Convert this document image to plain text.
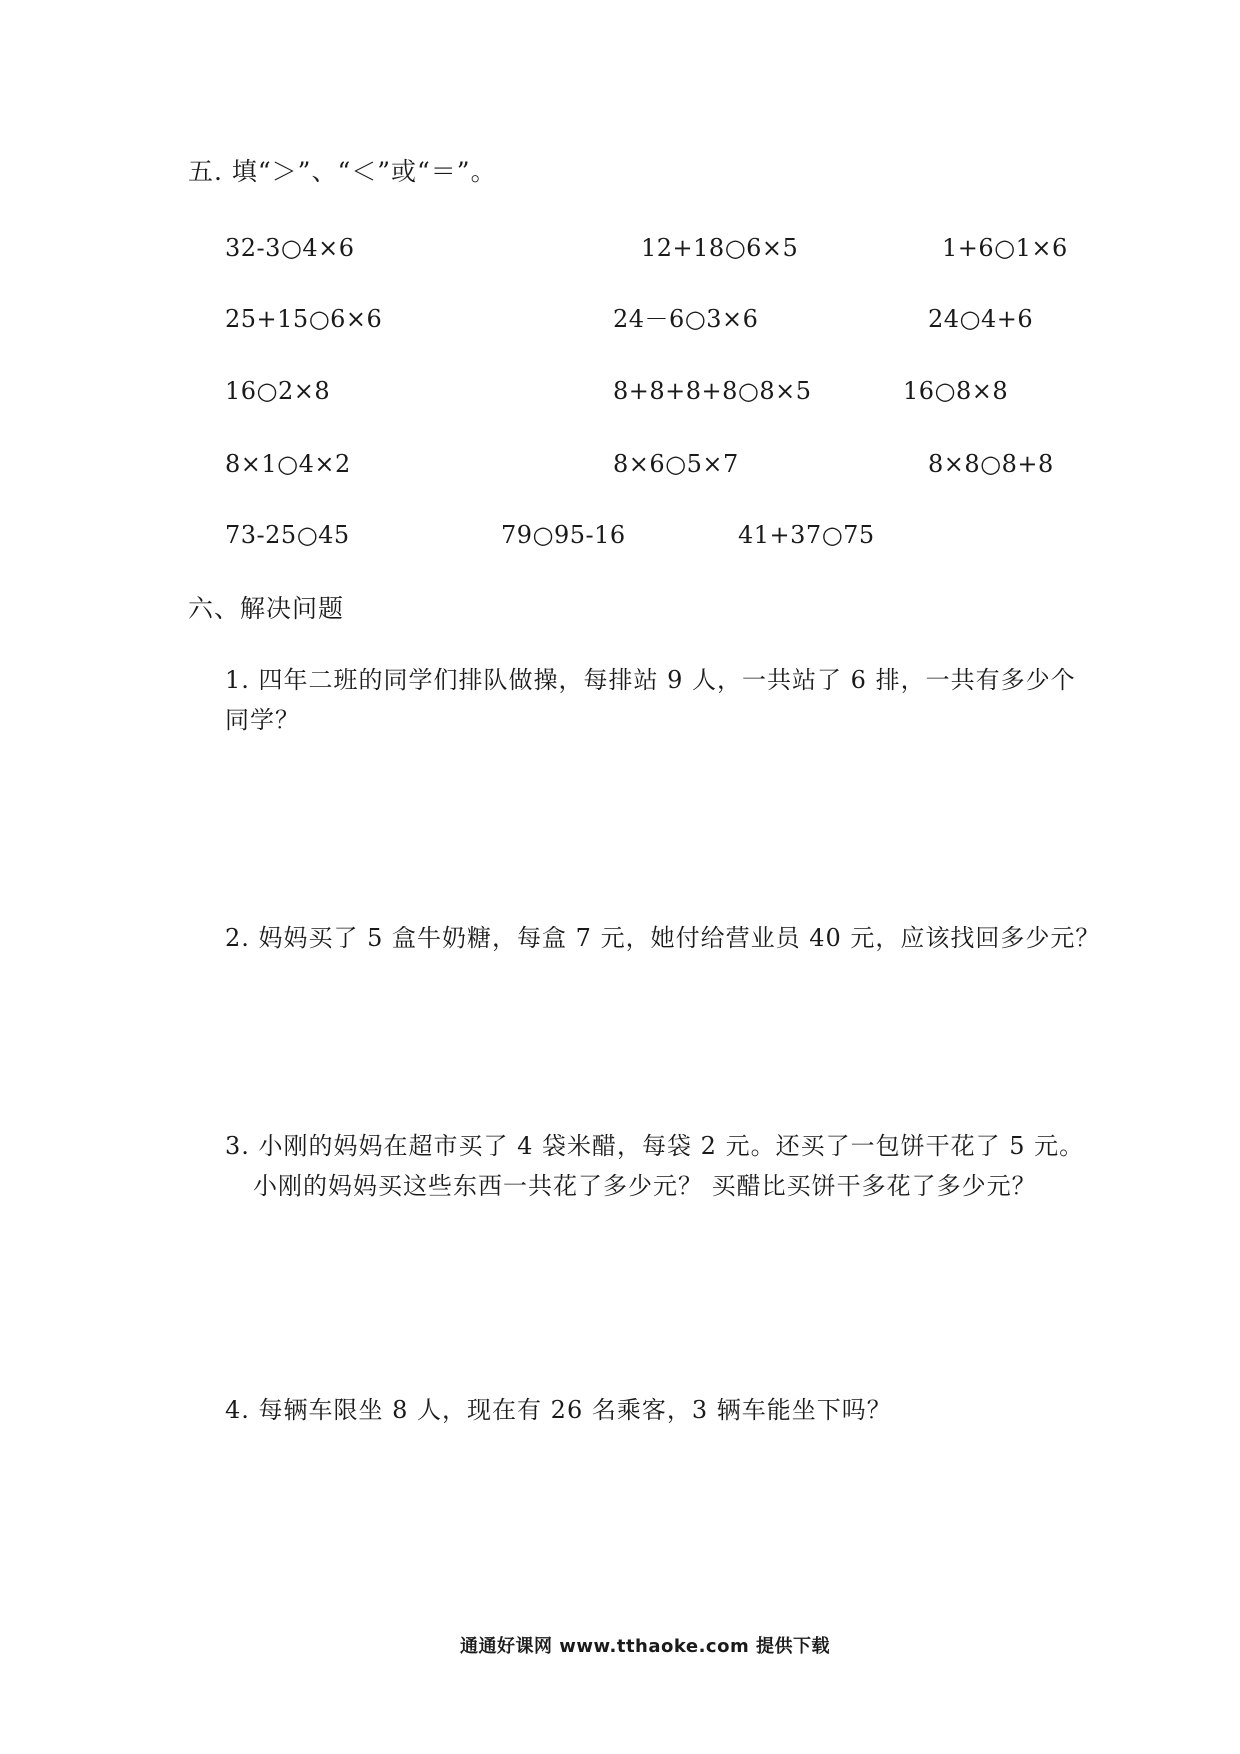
五. 填“＞”、“＜”或“＝”。
32-3○4×6	12+18○6×5	1+6○1×6
25+15○6×6	24－6○3×6	24○4+6
16○2×8	8+8+8+8○8×5	16○8×8
8×1○4×2	8×6○5×7	8×8○8+8
73-25○45	79○95-16	41+37○75
六、解决问题
1. 四年二班的同学们排队做操，每排站 9 人，一共站了 6 排，一共有多少个
同学？
2. 妈妈买了 5 盒牛奶糖，每盒 7 元，她付给营业员 40 元，应该找回多少元？
3. 小刚的妈妈在超市买了 4 袋米醋，每袋 2 元。还买了一包饼干花了 5 元。
小刚的妈妈买这些东西一共花了多少元？ 买醋比买饼干多花了多少元？
4. 每辆车限坐 8 人，现在有 26 名乘客，3 辆车能坐下吗？
通通好课网 www.tthaoke.com 提供下载
